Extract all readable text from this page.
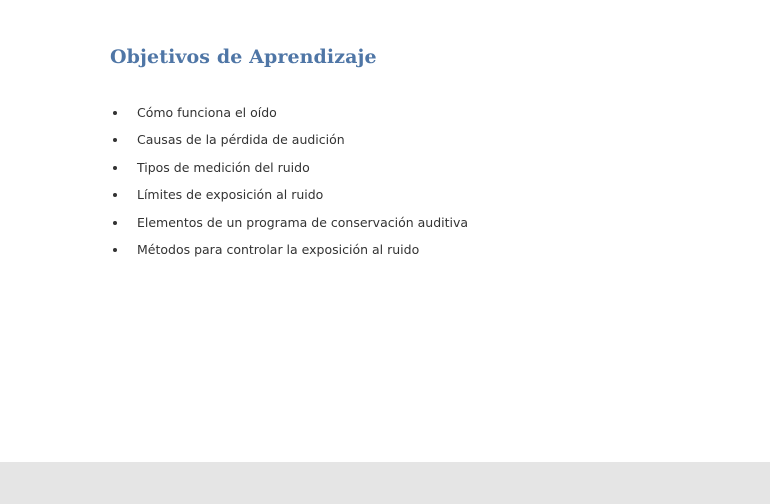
Objetivos de Aprendizaje
Cómo funciona el oído
Causas de la pérdida de audición
Tipos de medición del ruido
Límites de exposición al ruido
Elementos de un programa de conservación auditiva
Métodos para controlar la exposición al ruido
